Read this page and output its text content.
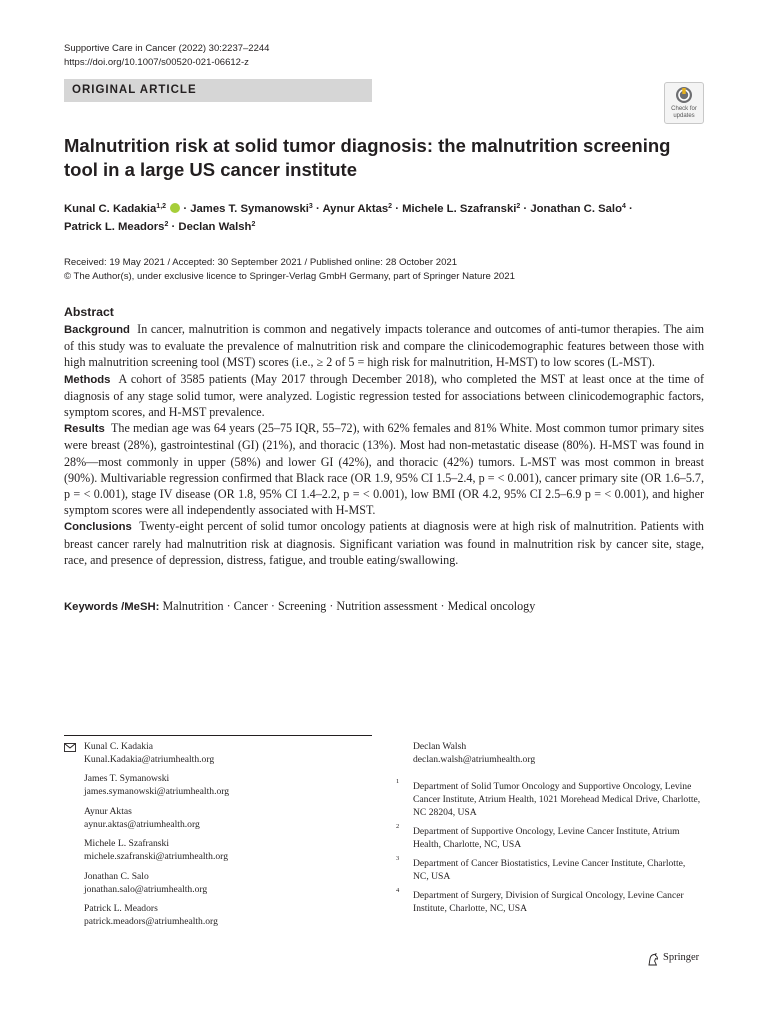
Supportive Care in Cancer (2022) 30:2237–2244
https://doi.org/10.1007/s00520-021-06612-z
ORIGINAL ARTICLE
Check for
updates
Malnutrition risk at solid tumor diagnosis: the malnutrition screening tool in a large US cancer institute
Kunal C. Kadakia$^{1,2}$  · James T. Symanowski$^3$ · Aynur Aktas$^2$ · Michele L. Szafranski$^2$ · Jonathan C. Salo$^4$ ·
Patrick L. Meadors$^2$ · Declan Walsh$^2$
Received: 19 May 2021 / Accepted: 30 September 2021 / Published online: 28 October 2021
© The Author(s), under exclusive licence to Springer-Verlag GmbH Germany, part of Springer Nature 2021
Abstract

Background In cancer, malnutrition is common and negatively impacts tolerance and outcomes of anti-tumor therapies. The aim of this study was to evaluate the prevalence of malnutrition risk and compare the clinicodemographic features between those with high malnutrition screening tool (MST) scores (i.e., ≥ 2 of 5 = high risk for malnutrition, H-MST) to low scores (L-MST).

Methods A cohort of 3585 patients (May 2017 through December 2018), who completed the MST at least once at the time of diagnosis of any stage solid tumor, were analyzed. Logistic regression tested for associations between clinicodemographic factors, symptom scores, and H-MST prevalence.

Results The median age was 64 years (25–75 IQR, 55–72), with 62% females and 81% White. Most common tumor primary sites were breast (28%), gastrointestinal (GI) (21%), and thoracic (13%). Most had non-metastatic disease (80%). H-MST was found in 28%—most commonly in upper (58%) and lower GI (42%), and thoracic (42%) tumors. L-MST was most common in breast (90%). Multivariable regression confirmed that Black race (OR 1.9, 95% CI 1.5–2.4, p = < 0.001), cancer primary site (OR 1.6–5.7, p = < 0.001), stage IV disease (OR 1.8, 95% CI 1.4–2.2, p = < 0.001), low BMI (OR 4.2, 95% CI 2.5–6.9 p = < 0.001), and higher symptom scores were all independently associated with H-MST.

Conclusions Twenty-eight percent of solid tumor oncology patients at diagnosis were at high risk of malnutrition. Patients with breast cancer rarely had malnutrition risk at diagnosis. Significant variation was found in malnutrition risk by cancer site, stage, race, and presence of depression, distress, fatigue, and trouble eating/swallowing.

Keywords /MeSH: Malnutrition · Cancer · Screening · Nutrition assessment · Medical oncology
Kunal C. Kadakia
Kunal.Kadakia@atriumhealth.org
James T. Symanowski
james.symanowski@atriumhealth.org
Aynur Aktas
aynur.aktas@atriumhealth.org
Michele L. Szafranski
michele.szafranski@atriumhealth.org
Jonathan C. Salo
jonathan.salo@atriumhealth.org
Patrick L. Meadors
patrick.meadors@atriumhealth.org
Declan Walsh
declan.walsh@atriumhealth.org
1 Department of Solid Tumor Oncology and Supportive Oncology, Levine Cancer Institute, Atrium Health, 1021 Morehead Medical Drive, Charlotte, NC 28204, USA
2 Department of Supportive Oncology, Levine Cancer Institute, Atrium Health, Charlotte, NC, USA
3 Department of Cancer Biostatistics, Levine Cancer Institute, Charlotte, NC, USA
4 Department of Surgery, Division of Surgical Oncology, Levine Cancer Institute, Charlotte, NC, USA
Springer
